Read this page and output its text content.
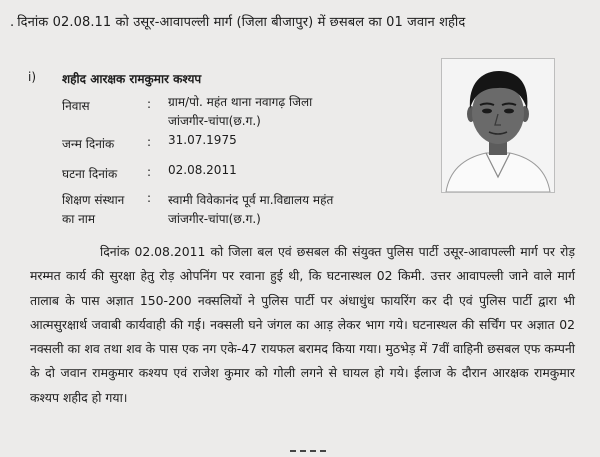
. दिनांक 02.08.11 को उसूर-आवापल्ली मार्ग (जिला बीजापुर) में छसबल का 01 जवान शहीद
i) शहीद आरक्षक रामकुमार कश्यप
निवास	: ग्राम/पो. महंत थाना नवागढ़ जिला
जांजगीर-चांपा(छ.ग.)
जन्म दिनांक	: 31.07.1975
घटना दिनांक : 02.08.2011
शिक्षण संस्थान
का नाम
: स्वामी विवेकानंद पूर्व मा.विद्यालय महंत
जांजगीर-चांपा(छ.ग.)

दिनांक 02.08.2011 को जिला बल एवं छसबल की संयुक्त पुलिस पार्टी उसूर-आवापल्ली मार्ग पर रोड़ मरम्मत कार्य की सुरक्षा हेतु रोड़ ओपनिंग पर रवाना हुई थी, कि घटनास्थल 02 किमी. उत्तर आवापल्ली जाने वाले मार्ग तालाब के पास अज्ञात 150-200 नक्सलियों ने पुलिस पार्टी पर अंधाधुंध फायरिंग कर दी एवं पुलिस पार्टी द्वारा भी आत्मसुरक्षार्थ जवाबी कार्यवाही की गई। नक्सली घने जंगल का आड़ लेकर भाग गये। घटनास्थल की सर्चिंग पर अज्ञात 02 नक्सली का शव तथा शव के पास एक नग एके-47 रायफल बरामद किया गया। मुठभेड़ में 7वीं वाहिनी छसबल एफ कम्पनी के दो जवान रामकुमार कश्यप एवं राजेश कुमार को गोली लगने से घायल हो गये। ईलाज के दौरान आरक्षक रामकुमार कश्यप शहीद हो गया।
